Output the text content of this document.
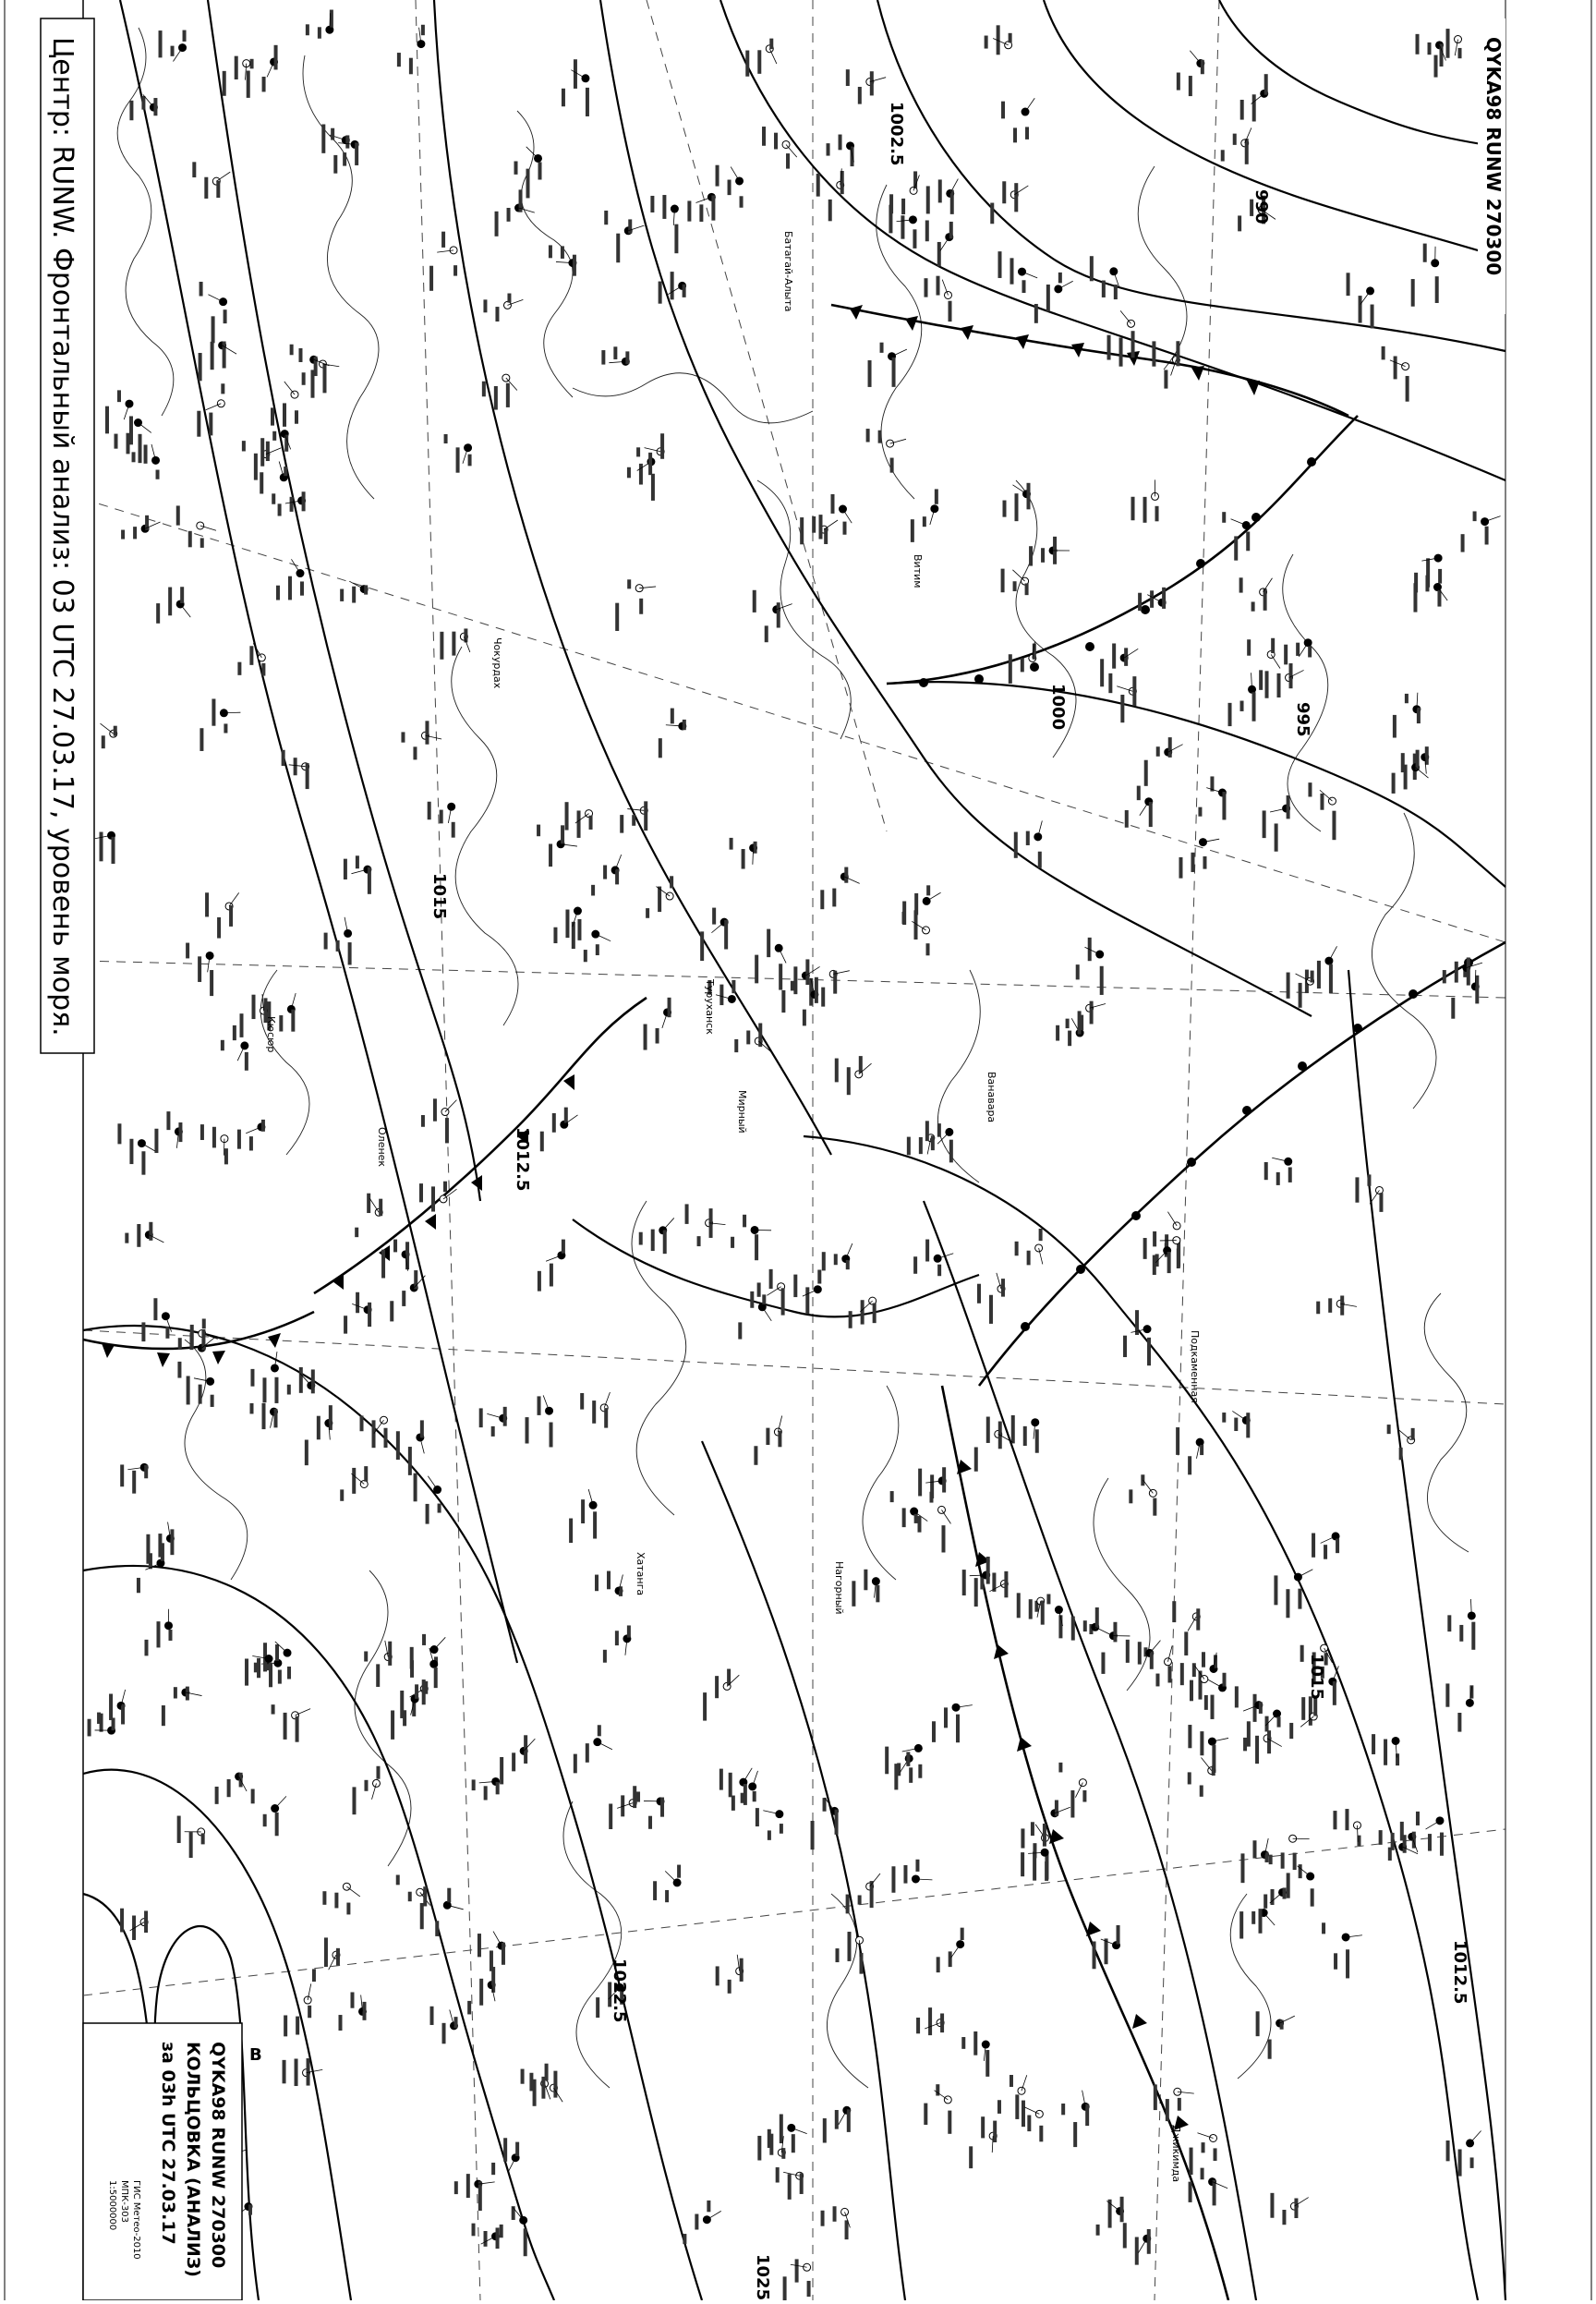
1002.5
990
1000	995
1015
1012.5
1015
1012.5
1022.5
1025
В
Чокурдах
Батагай-Алыта
Кюсюр
Оленек
Туруханск
Подкаменная
Ванавара
Витим
Джикимда
Мирный
Хатанга	Нагорный
Центр: RUNW. Фронтальный анализ: 03 UTC 27.03.17, уровень моря.	QYKA98 RUNW 270300
QYKA98 RUNW 270300
КОЛЬЦОВКА (АНАЛИЗ)
за 03h UTC 27.03.17
ГИС Метео-2010
МПК-303
1:5000000
